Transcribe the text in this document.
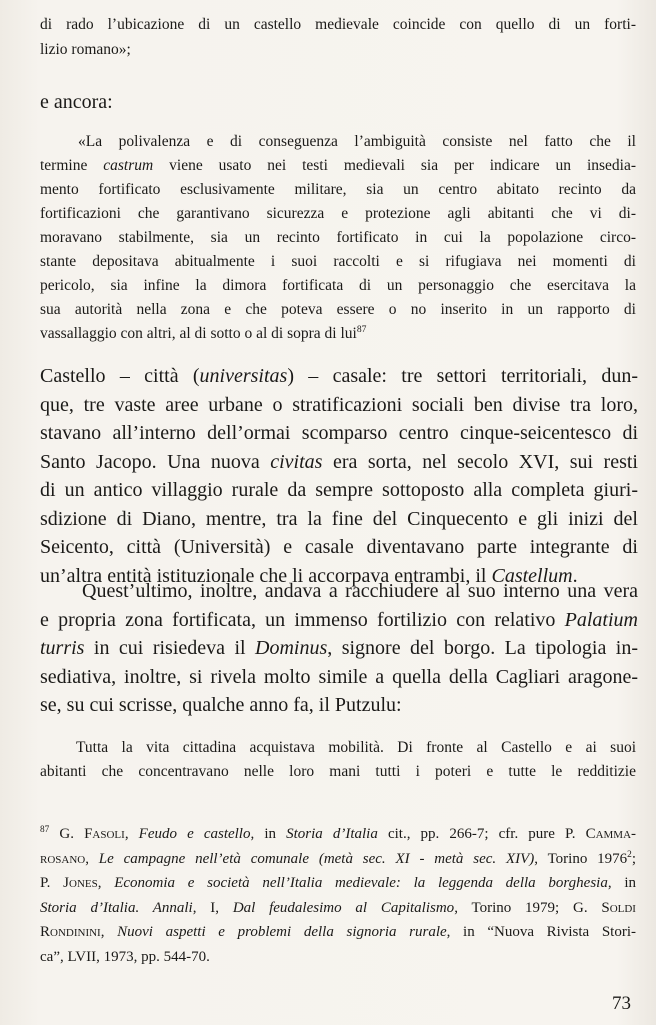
di rado l’ubicazione di un castello medievale coincide con quello di un forti-
lizio romano»;
e ancora:
«La polivalenza e di conseguenza l’ambiguità consiste nel fatto che il
termine castrum viene usato nei testi medievali sia per indicare un insedia-
mento fortificato esclusivamente militare, sia un centro abitato recinto da
fortificazioni che garantivano sicurezza e protezione agli abitanti che vi di-
moravano stabilmente, sia un recinto fortificato in cui la popolazione circo-
stante depositava abitualmente i suoi raccolti e si rifugiava nei momenti di
pericolo, sia infine la dimora fortificata di un personaggio che esercitava la
sua autorità nella zona e che poteva essere o no inserito in un rapporto di
vassallaggio con altri, al di sotto o al di sopra di lui$^{87}$
Castello – città (universitas) – casale: tre settori territoriali, dun-
que, tre vaste aree urbane o stratificazioni sociali ben divise tra loro,
stavano all’interno dell’ormai scomparso centro cinque-seicentesco di
Santo Jacopo. Una nuova civitas era sorta, nel secolo XVI, sui resti
di un antico villaggio rurale da sempre sottoposto alla completa giuri-
sdizione di Diano, mentre, tra la fine del Cinquecento e gli inizi del
Seicento, città (Università) e casale diventavano parte integrante di
un’altra entità istituzionale che li accorpava entrambi, il Castellum.
Quest’ultimo, inoltre, andava a racchiudere al suo interno una vera
e propria zona fortificata, un immenso fortilizio con relativo Palatium
turris in cui risiedeva il Dominus, signore del borgo. La tipologia in-
sediativa, inoltre, si rivela molto simile a quella della Cagliari aragone-
se, su cui scrisse, qualche anno fa, il Putzulu:
Tutta la vita cittadina acquistava mobilità. Di fronte al Castello e ai suoi
abitanti che concentravano nelle loro mani tutti i poteri e tutte le redditizie
$^{87}$ G. Fasoli, Feudo e castello, in Storia d’Italia cit., pp. 266-7; cfr. pure P. Camma-
rosano, Le campagne nell’età comunale (metà sec. XI - metà sec. XIV), Torino 1976$^2$;
P. Jones, Economia e società nell’Italia medievale: la leggenda della borghesia, in
Storia d’Italia. Annali, I, Dal feudalesimo al Capitalismo, Torino 1979; G. Soldi
Rondinini, Nuovi aspetti e problemi della signoria rurale, in “Nuova Rivista Stori-
ca”, LVII, 1973, pp. 544-70.
73
